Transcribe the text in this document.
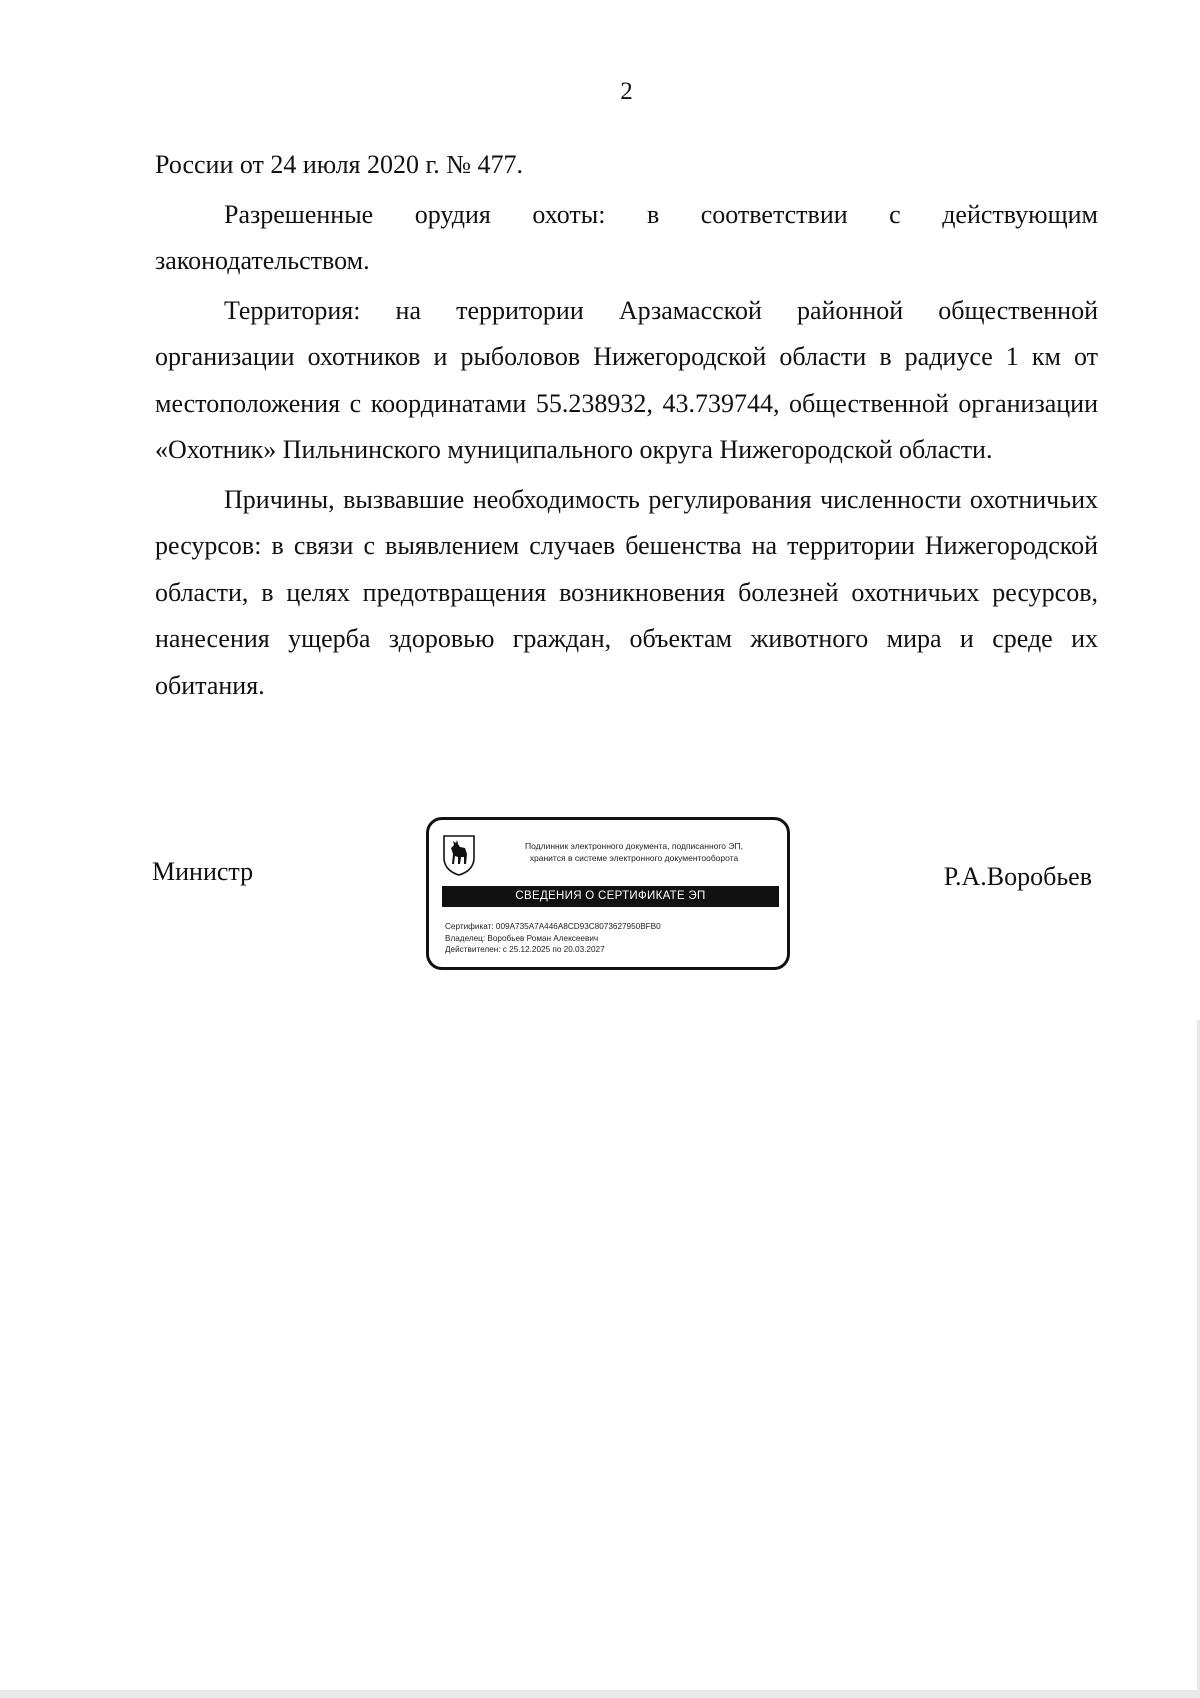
2

России от 24 июля 2020 г. № 477.

Разрешенные орудия охоты: в соответствии с действующим законодательством.

Территория: на территории Арзамасской районной общественной организации охотников и рыболовов Нижегородской области в радиусе 1 км от местоположения с координатами 55.238932, 43.739744, общественной организации «Охотник» Пильнинского муниципального округа Нижегородской области.

Причины, вызвавшие необходимость регулирования численности охотничьих ресурсов: в связи с выявлением случаев бешенства на территории Нижегородской области, в целях предотвращения возникновения болезней охотничьих ресурсов, нанесения ущерба здоровью граждан, объектам животного мира и среде их обитания.

Министр
Подлинник электронного документа, подписанного ЭП,
хранится в системе электронного документооборота
СВЕДЕНИЯ О СЕРТИФИКАТЕ ЭП
Сертификат: 009A735A7A446A8CD93C8073627950BFB0
Владелец: Воробьев Роман Алексеевич
Действителен: с 25.12.2025 по 20.03.2027
Р.А.Воробьев
